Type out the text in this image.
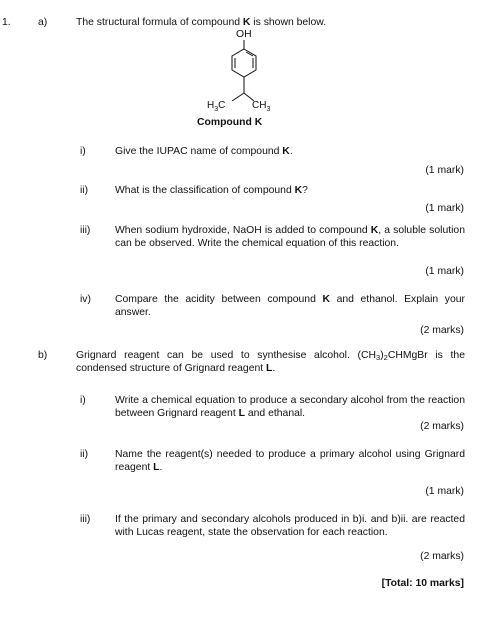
1.	a)	The structural formula of compound K is shown below.
OH
$H_3C$	$CH_3$
Compound K
i)	Give the IUPAC name of compound K.
(1 mark)
ii)	What is the classification of compound K?
(1 mark)
iii) When sodium hydroxide, NaOH is added to compound K, a soluble solution can be observed. Write the chemical equation of this reaction.
(1 mark)
iv) Compare the acidity between compound K and ethanol. Explain your answer.
(2 marks)
b)	Grignard reagent can be used to synthesise alcohol. $(CH_3)_2CHMgBr$ is the condensed structure of Grignard reagent L.
i)	Write a chemical equation to produce a secondary alcohol from the reaction between Grignard reagent L and ethanal.
(2 marks)
ii)	Name the reagent(s) needed to produce a primary alcohol using Grignard reagent L.
(1 mark)
iii) If the primary and secondary alcohols produced in b)i. and b)ii. are reacted with Lucas reagent, state the observation for each reaction.
(2 marks)
[Total: 10 marks]
